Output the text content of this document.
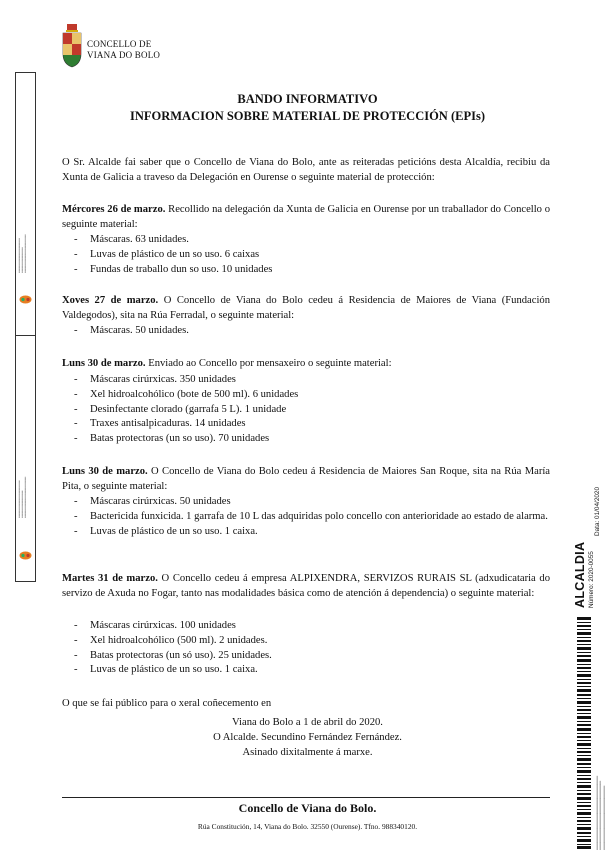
CONCELLO DE
VIANA DO BOLO
▪▪▪▪▪▪▪▪▪▪▪▪▪▪▪▪▪▪▪▪▪▪▪▪▪▪▪▪▪▪▪▪▪▪▪▪▪▪
▪▪▪▪▪▪▪▪▪▪▪▪▪▪▪▪▪▪▪▪▪▪▪▪▪▪▪▪
▪▪▪▪▪▪▪▪▪▪▪▪▪▪▪▪▪▪▪▪▪▪▪▪▪▪▪▪▪▪▪▪▪▪▪▪▪▪▪▪▪▪
▪▪▪▪▪▪▪▪▪▪▪▪▪▪▪▪▪▪▪▪▪▪▪▪▪▪▪▪▪▪▪▪▪▪▪▪▪▪▪▪▪
▪▪▪▪▪▪▪▪▪▪▪▪▪▪▪▪▪▪▪▪▪▪▪▪▪▪▪▪▪▪
▪▪▪▪▪▪▪▪▪▪▪▪▪▪▪▪▪▪▪▪▪▪▪▪▪▪▪▪▪▪▪▪▪▪▪▪▪▪▪▪▪▪▪▪▪
BANDO INFORMATIVO
INFORMACION SOBRE MATERIAL DE PROTECCIÓN (EPIs)
O Sr. Alcalde fai saber que o Concello de Viana do Bolo, ante as reiteradas peticións desta Alcaldía, recibiu da Xunta de Galicia a traveso da Delegación en Ourense o seguinte material de protección:
Mércores 26 de marzo. Recollido na delegación da Xunta de Galicia en Ourense por un traballador do Concello o seguinte material:
- Máscaras. 63 unidades.
- Luvas de plástico de un so uso. 6 caixas
- Fundas de traballo dun so uso. 10 unidades
Xoves 27 de marzo. O Concello de Viana do Bolo cedeu á Residencia de Maiores de Viana (Fundación Valdegodos), sita na Rúa Ferradal, o seguinte material:
- Máscaras. 50 unidades.
Luns 30 de marzo. Enviado ao Concello por mensaxeiro o seguinte material:
- Máscaras cirúrxicas. 350 unidades
- Xel hidroalcohólico (bote de 500 ml). 6 unidades
- Desinfectante clorado (garrafa 5 L). 1 unidade
- Traxes antisalpicaduras. 14 unidades
- Batas protectoras (un so uso). 70 unidades
Luns 30 de marzo. O Concello de Viana do Bolo cedeu á Residencia de Maiores San Roque, sita na Rúa María Pita, o seguinte material:
- Máscaras cirúrxicas. 50 unidades
- Bactericida funxicida. 1 garrafa de 10 L das adquiridas polo concello con anterioridade ao estado de alarma.
- Luvas de plástico de un so uso. 1 caixa.
Martes 31 de marzo. O Concello cedeu á empresa ALPIXENDRA, SERVIZOS RURAIS SL (adxudicataria do servizo de Axuda no Fogar, tanto nas modalidades básica como de atención á dependencia) o seguinte material:
- Máscaras cirúrxicas. 100 unidades
- Xel hidroalcohólico (500 ml). 2 unidades.
- Batas protectoras (un só uso). 25 unidades.
- Luvas de plástico de un so uso. 1 caixa.
O que se fai público para o xeral coñecemento en
Viana do Bolo a 1 de abril do 2020.
O Alcalde. Secundino Fernández Fernández.
Asinado dixitalmente á marxe.
Concello de Viana do Bolo.
Rúa Constitución, 14, Viana do Bolo. 32550 (Ourense). Tfno. 988340120.
ALCALDIA Número: 2020-0055
Data: 01/04/2020
▪▪▪▪▪▪▪▪▪▪▪▪▪▪▪▪▪▪▪▪▪▪▪▪▪▪▪▪▪▪▪▪▪▪▪▪▪▪▪▪▪▪▪▪▪▪▪▪▪▪▪▪▪▪▪▪▪▪▪▪▪▪▪▪▪▪▪▪▪▪▪▪▪▪▪
▪▪▪▪▪▪▪▪▪▪▪▪▪▪▪▪▪▪▪▪▪▪▪▪▪▪▪▪▪▪▪▪▪▪▪▪▪▪▪▪▪▪▪▪▪▪▪▪▪▪▪▪▪▪▪▪▪▪▪▪▪▪▪▪▪▪▪▪▪▪
▪▪▪▪▪▪▪▪▪▪▪▪▪▪▪▪▪▪▪▪▪▪▪▪▪▪▪▪▪▪▪▪▪▪▪▪▪▪▪▪▪▪▪▪▪▪▪▪▪▪▪▪▪▪▪▪▪▪▪▪▪▪▪▪▪
